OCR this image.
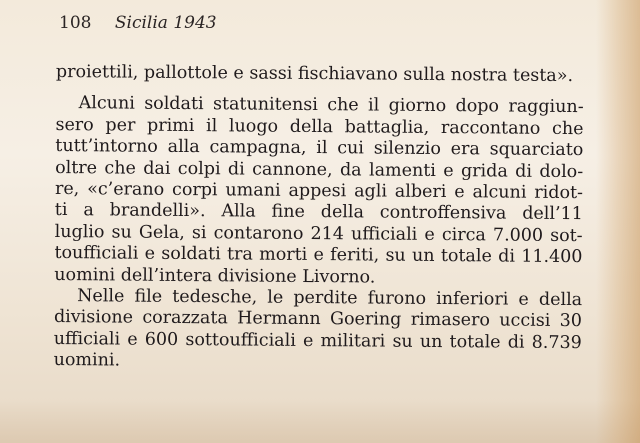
108 Sicilia 1943
proiettili, pallottole e sassi fischiavano sulla nostra testa».
Alcuni soldati statunitensi che il giorno dopo raggiun-
sero per primi il luogo della battaglia, raccontano che
tutt’intorno alla campagna, il cui silenzio era squarciato
oltre che dai colpi di cannone, da lamenti e grida di dolo-
re, «c’erano corpi umani appesi agli alberi e alcuni ridot-
ti a brandelli». Alla fine della controffensiva dell’11
luglio su Gela, si contarono 214 ufficiali e circa 7.000 sot-
toufficiali e soldati tra morti e feriti, su un totale di 11.400
uomini dell’intera divisione Livorno.
Nelle file tedesche, le perdite furono inferiori e della
divisione corazzata Hermann Goering rimasero uccisi 30
ufficiali e 600 sottoufficiali e militari su un totale di 8.739
uomini.
